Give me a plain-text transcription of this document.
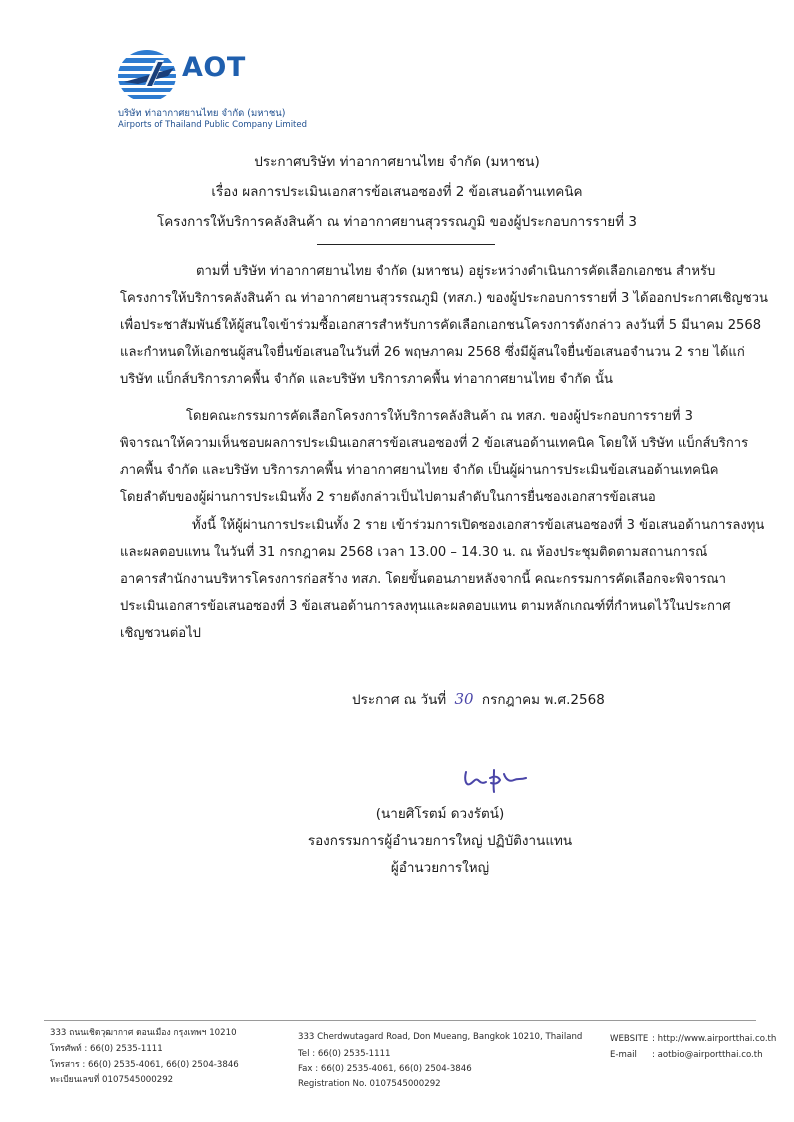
AOT
บริษัท ท่าอากาศยานไทย จำกัด (มหาชน)
Airports of Thailand Public Company Limited
ประกาศบริษัท ท่าอากาศยานไทย จำกัด (มหาชน)
เรื่อง ผลการประเมินเอกสารข้อเสนอซองที่ 2 ข้อเสนอด้านเทคนิค
โครงการให้บริการคลังสินค้า ณ ท่าอากาศยานสุวรรณภูมิ ของผู้ประกอบการรายที่ 3
ตามที่ บริษัท ท่าอากาศยานไทย จำกัด (มหาชน) อยู่ระหว่างดำเนินการคัดเลือกเอกชน สำหรับ
โครงการให้บริการคลังสินค้า ณ ท่าอากาศยานสุวรรณภูมิ (ทสภ.) ของผู้ประกอบการรายที่ 3 ได้ออกประกาศเชิญชวน
เพื่อประชาสัมพันธ์ให้ผู้สนใจเข้าร่วมซื้อเอกสารสำหรับการคัดเลือกเอกชนโครงการดังกล่าว ลงวันที่ 5 มีนาคม 2568
และกำหนดให้เอกชนผู้สนใจยื่นข้อเสนอในวันที่ 26 พฤษภาคม 2568 ซึ่งมีผู้สนใจยื่นข้อเสนอจำนวน 2 ราย ได้แก่
บริษัท แบ็กส์บริการภาคพื้น จำกัด และบริษัท บริการภาคพื้น ท่าอากาศยานไทย จำกัด นั้น
โดยคณะกรรมการคัดเลือกโครงการให้บริการคลังสินค้า ณ ทสภ. ของผู้ประกอบการรายที่ 3
พิจารณาให้ความเห็นชอบผลการประเมินเอกสารข้อเสนอซองที่ 2 ข้อเสนอด้านเทคนิค โดยให้ บริษัท แบ็กส์บริการ
ภาคพื้น จำกัด และบริษัท บริการภาคพื้น ท่าอากาศยานไทย จำกัด เป็นผู้ผ่านการประเมินข้อเสนอด้านเทคนิค
โดยลำดับของผู้ผ่านการประเมินทั้ง 2 รายดังกล่าวเป็นไปตามลำดับในการยื่นซองเอกสารข้อเสนอ
ทั้งนี้ ให้ผู้ผ่านการประเมินทั้ง 2 ราย เข้าร่วมการเปิดซองเอกสารข้อเสนอซองที่ 3 ข้อเสนอด้านการลงทุน
และผลตอบแทน ในวันที่ 31 กรกฎาคม 2568 เวลา 13.00 – 14.30 น. ณ ห้องประชุมติดตามสถานการณ์
อาคารสำนักงานบริหารโครงการก่อสร้าง ทสภ. โดยขั้นตอนภายหลังจากนี้ คณะกรรมการคัดเลือกจะพิจารณา
ประเมินเอกสารข้อเสนอซองที่ 3 ข้อเสนอด้านการลงทุนและผลตอบแทน ตามหลักเกณฑ์ที่กำหนดไว้ในประกาศ
เชิญชวนต่อไป
ประกาศ ณ วันที่ 30 กรกฎาคม พ.ศ.2568
(นายศิโรตม์ ดวงรัตน์)
รองกรรมการผู้อำนวยการใหญ่ ปฏิบัติงานแทน
ผู้อำนวยการใหญ่
333 ถนนเชิดวุฒากาศ ดอนเมือง กรุงเทพฯ 10210
โทรศัพท์ : 66(0) 2535-1111
โทรสาร : 66(0) 2535-4061, 66(0) 2504-3846
ทะเบียนเลขที่ 0107545000292
333 Cherdwutagard Road, Don Mueang, Bangkok 10210, Thailand
Tel : 66(0) 2535-1111
Fax : 66(0) 2535-4061, 66(0) 2504-3846
Registration No. 0107545000292
WEBSITE : http://www.airportthai.co.th
E-mail : aotbio@airportthai.co.th
